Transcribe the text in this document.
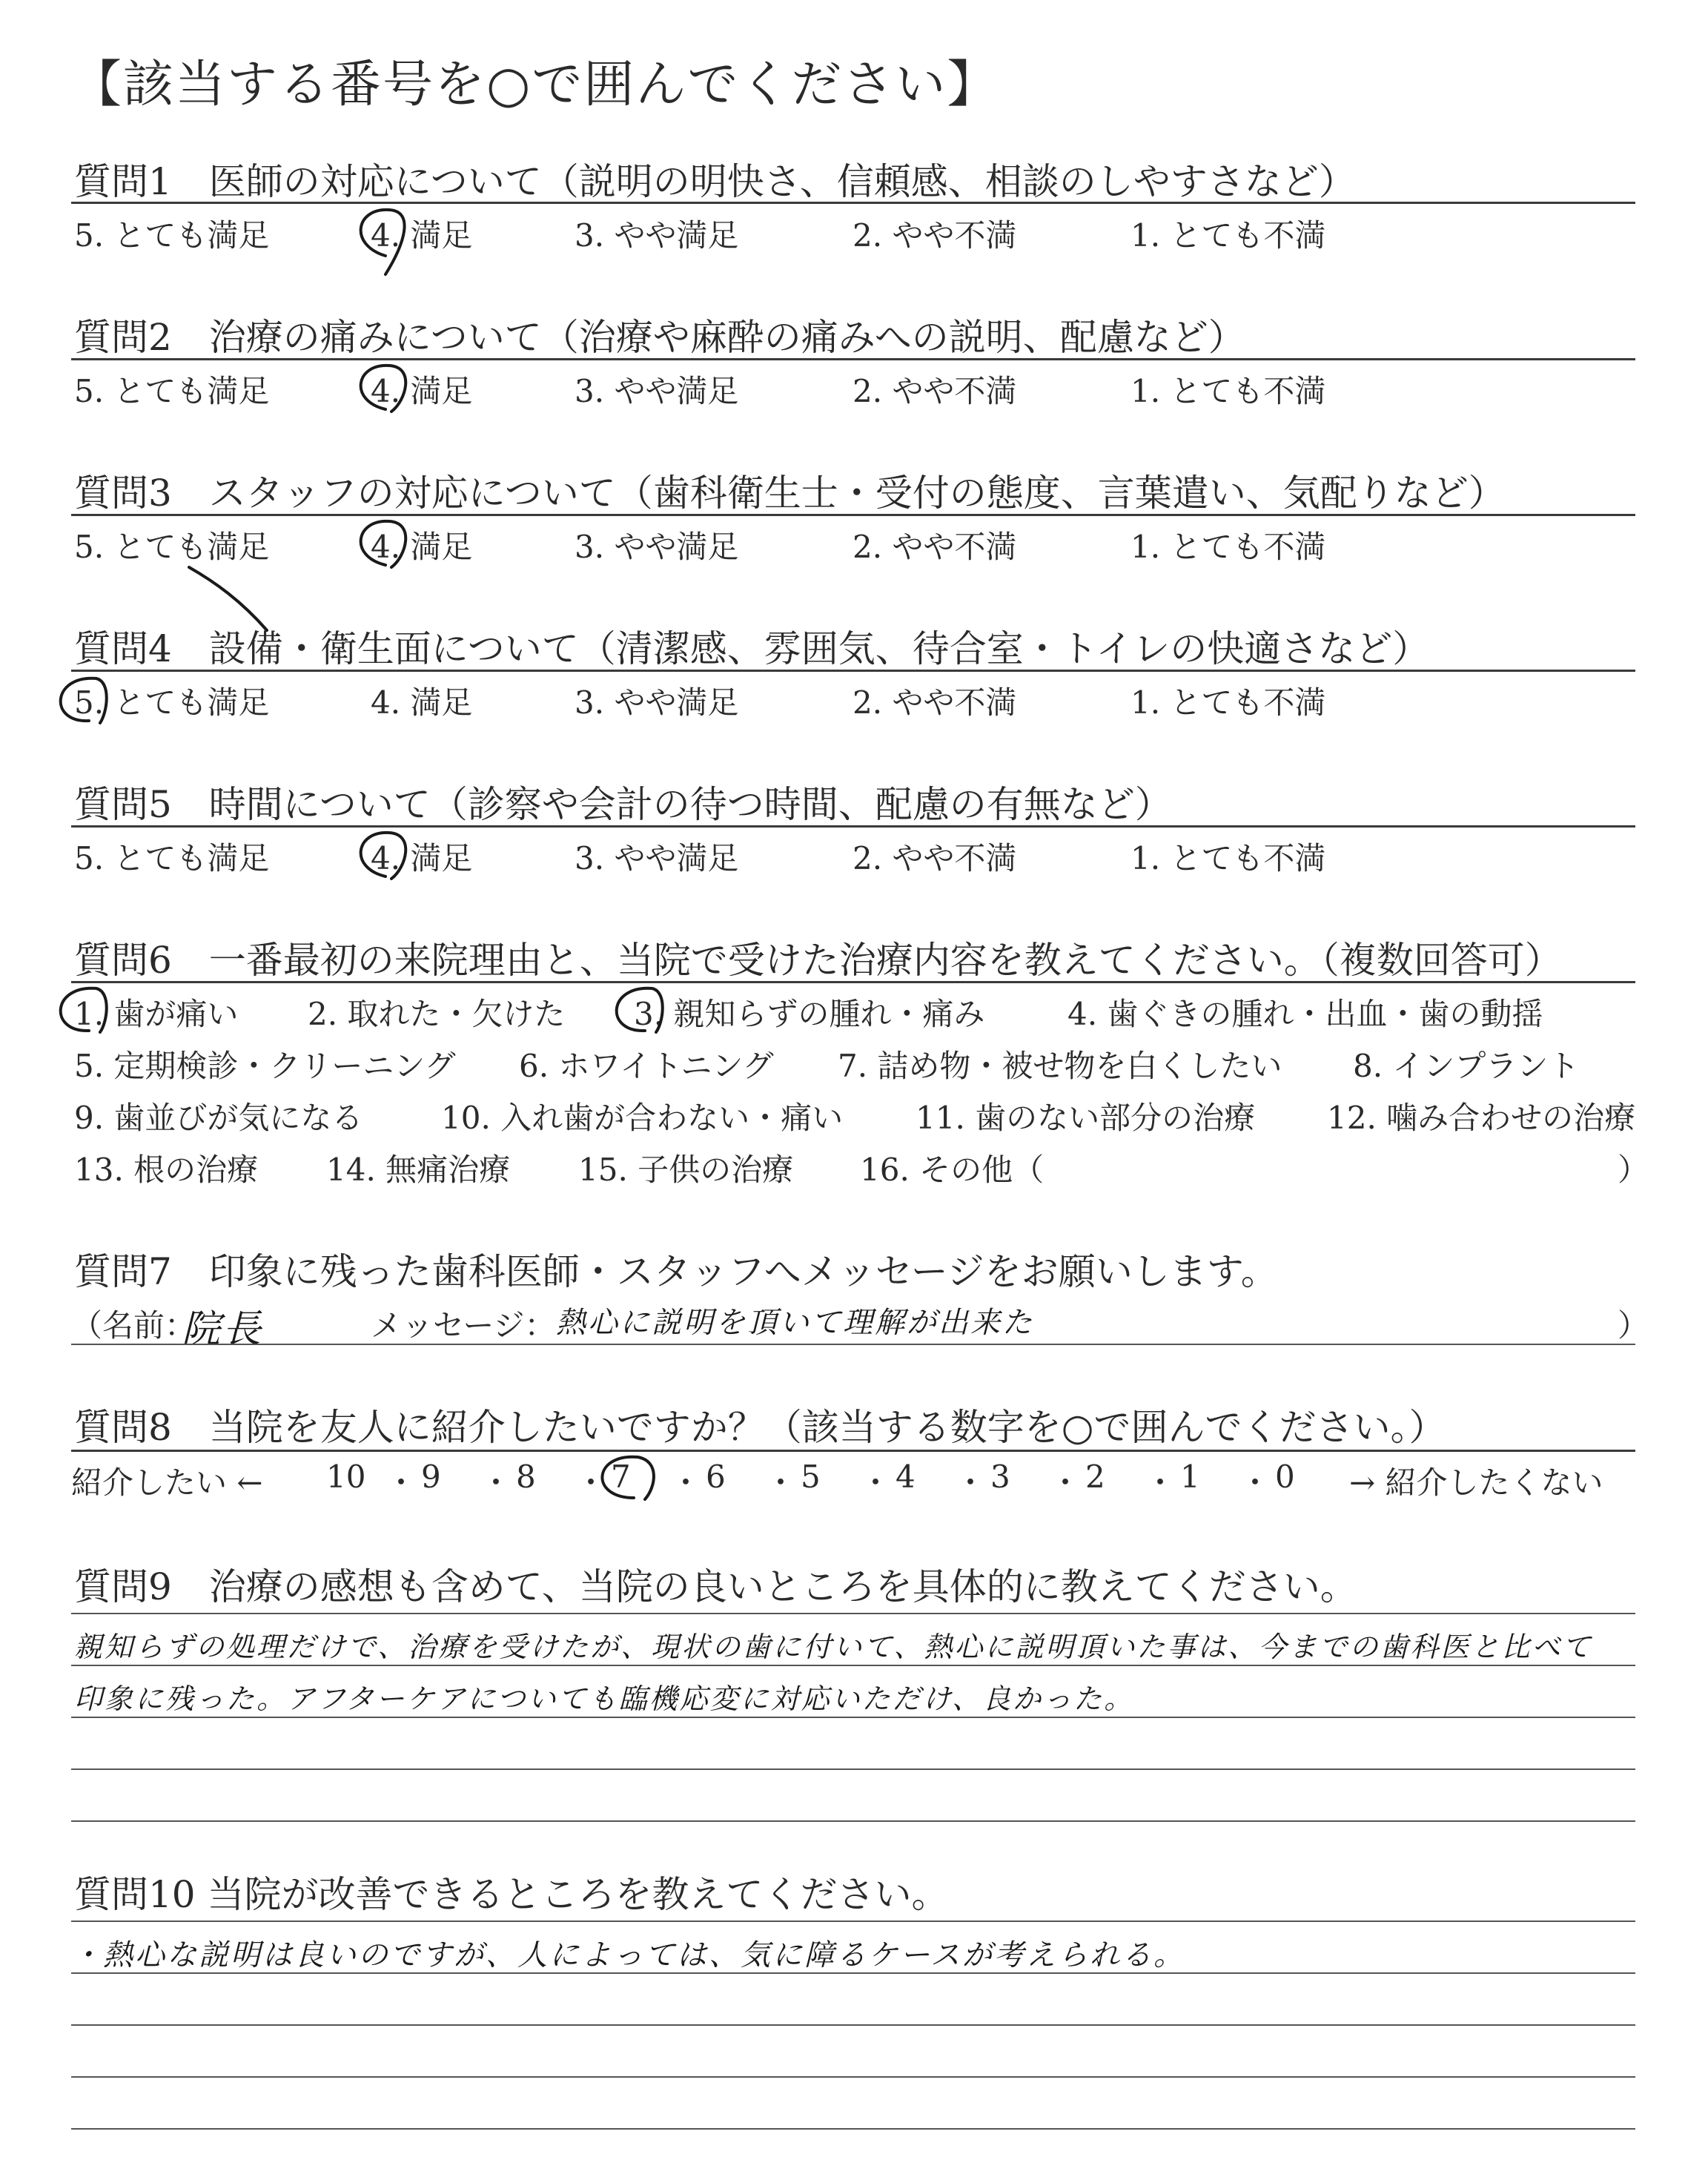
【該当する番号を○で囲んでください】
質問1　医師の対応について（説明の明快さ、信頼感、相談のしやすさなど）
5. とても満足	4. 満足	3. やや満足	2. やや不満	1. とても不満
質問2　治療の痛みについて（治療や麻酔の痛みへの説明、配慮など）
5. とても満足	4. 満足	3. やや満足	2. やや不満	1. とても不満
質問3　スタッフの対応について（歯科衛生士・受付の態度、言葉遣い、気配りなど）
5. とても満足	4. 満足	3. やや満足	2. やや不満	1. とても不満
質問4　設備・衛生面について（清潔感、雰囲気、待合室・トイレの快適さなど）
5. とても満足	4. 満足	3. やや満足	2. やや不満	1. とても不満
質問5　時間について（診察や会計の待つ時間、配慮の有無など）
5. とても満足	4. 満足	3. やや満足	2. やや不満	1. とても不満
質問6　一番最初の来院理由と、当院で受けた治療内容を教えてください。（複数回答可）
1. 歯が痛い 2. 取れた・欠けた 3. 親知らずの腫れ・痛み	4. 歯ぐきの腫れ・出血・歯の動揺
5. 定期検診・クリーニング 6. ホワイトニング 7. 詰め物・被せ物を白くしたい 8. インプラント
9. 歯並びが気になる	10. 入れ歯が合わない・痛い 11. 歯のない部分の治療 12. 噛み合わせの治療
13. 根の治療 14. 無痛治療 15. 子供の治療 16. その他（	）
質問7　印象に残った歯科医師・スタッフへメッセージをお願いします。
（名前：
院長	メッセージ： 熱心に説明を頂いて理解が出来た	）
質問8　当院を友人に紹介したいですか？（該当する数字を○で囲んでください。）
紹介したい ←	→ 紹介したくない
10 ・ 9 ・ 8 ・ 7 ・ 6 ・ 5 ・ 4 ・ 3 ・ 2 ・ 1 ・ 0
質問9　治療の感想も含めて、当院の良いところを具体的に教えてください。
親知らずの処理だけで、治療を受けたが、現状の歯に付いて、熱心に説明頂いた事は、今までの歯科医と比べて
印象に残った。アフターケアについても臨機応変に対応いただけ、良かった。
質問10 当院が改善できるところを教えてください。
・熱心な説明は良いのですが、人によっては、気に障るケースが考えられる。
